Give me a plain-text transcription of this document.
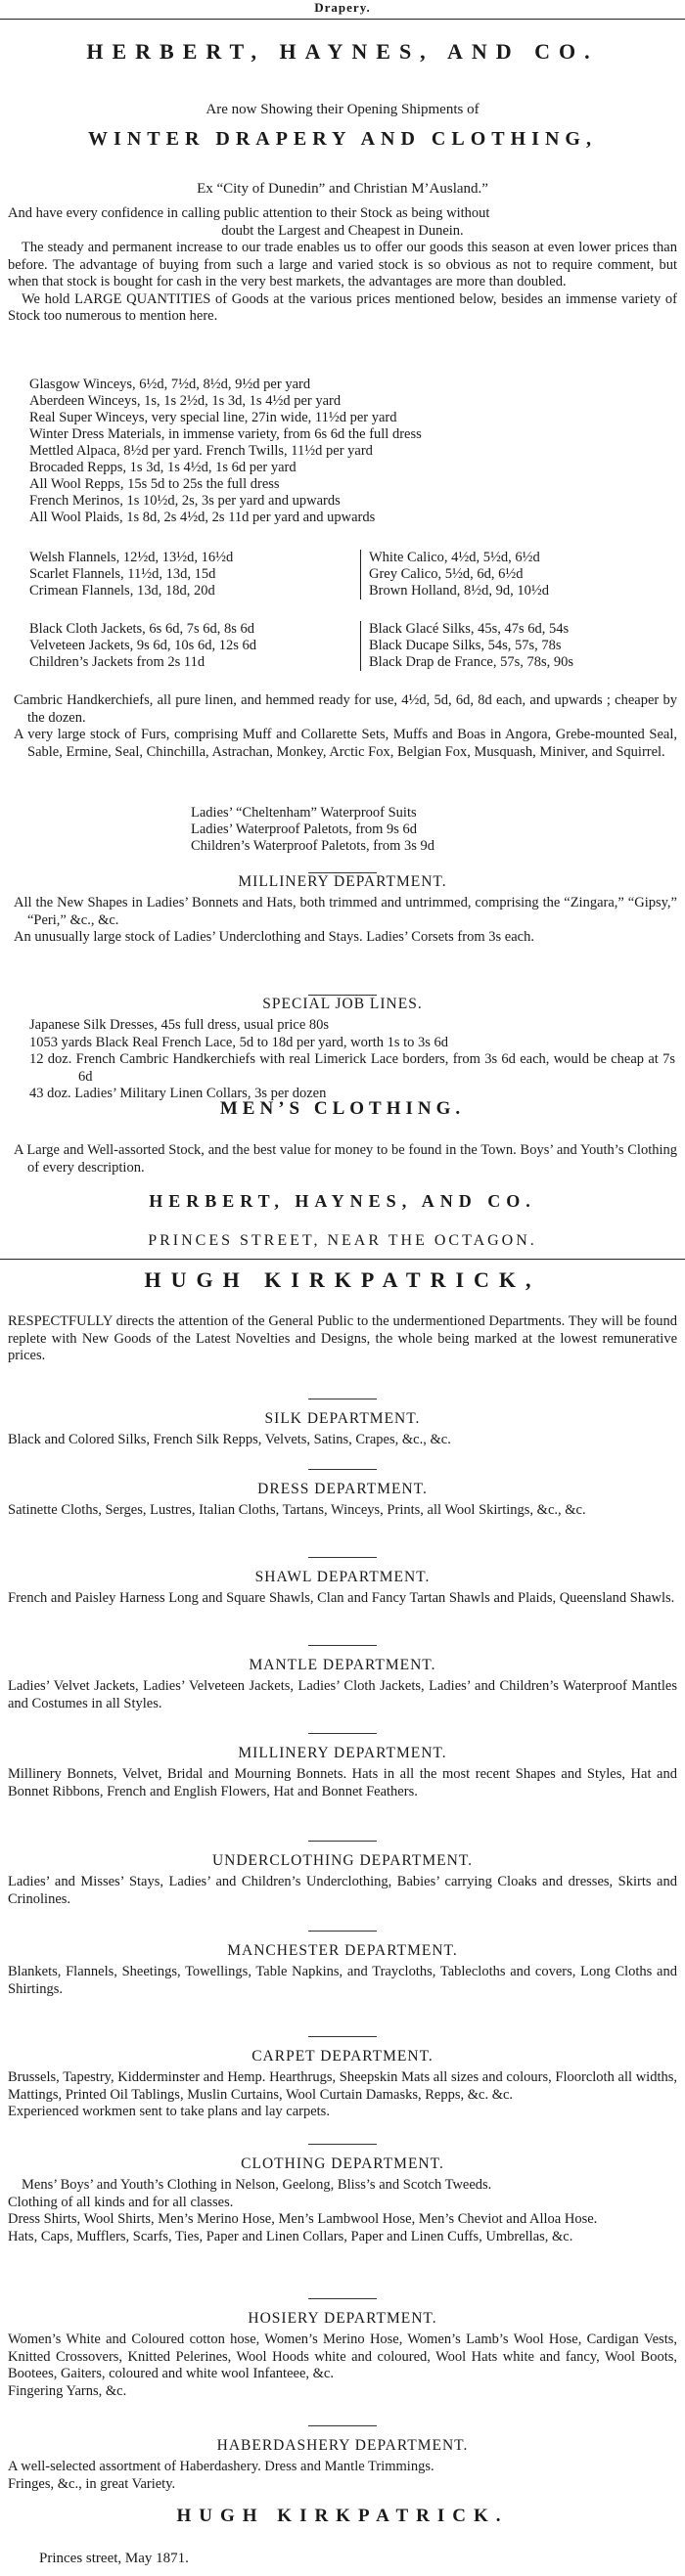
Drapery.

HERBERT, HAYNES, AND CO.

Are now Showing their Opening Shipments of

WINTER DRAPERY AND CLOTHING,

Ex “City of Dunedin” and Christian M’Ausland.”

And have every confidence in calling public attention to their Stock as being without

doubt the Largest and Cheapest in Dunein.

The steady and permanent increase to our trade enables us to offer our goods this season at even lower prices than before. The advantage of buying from such a large and varied stock is so obvious as not to require comment, but when that stock is bought for cash in the very best markets, the advantages are more than doubled.

We hold LARGE QUANTITIES of Goods at the various prices mentioned below, besides an immense variety of Stock too numerous to mention here.

Glasgow Winceys, 6½d, 7½d, 8½d, 9½d per yard

Aberdeen Winceys, 1s, 1s 2½d, 1s 3d, 1s 4½d per yard

Real Super Winceys, very special line, 27in wide, 11½d per yard

Winter Dress Materials, in immense variety, from 6s 6d the full dress

Mettled Alpaca, 8½d per yard. French Twills, 11½d per yard

Brocaded Repps, 1s 3d, 1s 4½d, 1s 6d per yard

All Wool Repps, 15s 5d to 25s the full dress

French Merinos, 1s 10½d, 2s, 3s per yard and upwards

All Wool Plaids, 1s 8d, 2s 4½d, 2s 11d per yard and upwards

Welsh Flannels, 12½d, 13½d, 16½d

Scarlet Flannels, 11½d, 13d, 15d

Crimean Flannels, 13d, 18d, 20d

White Calico, 4½d, 5½d, 6½d

Grey Calico, 5½d, 6d, 6½d

Brown Holland, 8½d, 9d, 10½d

Black Cloth Jackets, 6s 6d, 7s 6d, 8s 6d

Velveteen Jackets, 9s 6d, 10s 6d, 12s 6d

Children’s Jackets from 2s 11d

Black Glacé Silks, 45s, 47s 6d, 54s

Black Ducape Silks, 54s, 57s, 78s

Black Drap de France, 57s, 78s, 90s

Cambric Handkerchiefs, all pure linen, and hemmed ready for use, 4½d, 5d, 6d, 8d each, and upwards ; cheaper by the dozen.

A very large stock of Furs, comprising Muff and Collarette Sets, Muffs and Boas in Angora, Grebe-mounted Seal, Sable, Ermine, Seal, Chinchilla, Astrachan, Monkey, Arctic Fox, Belgian Fox, Musquash, Miniver, and Squirrel.

Ladies’ “Cheltenham” Waterproof Suits

Ladies’ Waterproof Paletots, from 9s 6d

Children’s Waterproof Paletots, from 3s 9d

MILLINERY DEPARTMENT.

All the New Shapes in Ladies’ Bonnets and Hats, both trimmed and untrimmed, comprising the “Zingara,” “Gipsy,” “Peri,” &c., &c.

An unusually large stock of Ladies’ Underclothing and Stays. Ladies’ Corsets from 3s each.

SPECIAL JOB LINES.

Japanese Silk Dresses, 45s full dress, usual price 80s

1053 yards Black Real French Lace, 5d to 18d per yard, worth 1s to 3s 6d

12 doz. French Cambric Handkerchiefs with real Limerick Lace borders, from 3s 6d each, would be cheap at 7s 6d

43 doz. Ladies’ Military Linen Collars, 3s per dozen

MEN’S CLOTHING.

A Large and Well-assorted Stock, and the best value for money to be found in the Town. Boys’ and Youth’s Clothing of every description.

HERBERT, HAYNES, AND CO.

PRINCES STREET, NEAR THE OCTAGON.

HUGH KIRKPATRICK,

RESPECTFULLY directs the attention of the General Public to the undermentioned Departments. They will be found replete with New Goods of the Latest Novelties and Designs, the whole being marked at the lowest remunerative prices.

SILK DEPARTMENT.

Black and Colored Silks, French Silk Repps, Velvets, Satins, Crapes, &c., &c.

DRESS DEPARTMENT.

Satinette Cloths, Serges, Lustres, Italian Cloths, Tartans, Winceys, Prints, all Wool Skirtings, &c., &c.

SHAWL DEPARTMENT.

French and Paisley Harness Long and Square Shawls, Clan and Fancy Tartan Shawls and Plaids, Queensland Shawls.

MANTLE DEPARTMENT.

Ladies’ Velvet Jackets, Ladies’ Velveteen Jackets, Ladies’ Cloth Jackets, Ladies’ and Children’s Waterproof Mantles and Costumes in all Styles.

MILLINERY DEPARTMENT.

Millinery Bonnets, Velvet, Bridal and Mourning Bonnets. Hats in all the most recent Shapes and Styles, Hat and Bonnet Ribbons, French and English Flowers, Hat and Bonnet Feathers.

UNDERCLOTHING DEPARTMENT.

Ladies’ and Misses’ Stays, Ladies’ and Children’s Underclothing, Babies’ carrying Cloaks and dresses, Skirts and Crinolines.

MANCHESTER DEPARTMENT.

Blankets, Flannels, Sheetings, Towellings, Table Napkins, and Traycloths, Tablecloths and covers, Long Cloths and Shirtings.

CARPET DEPARTMENT.

Brussels, Tapestry, Kidderminster and Hemp. Hearthrugs, Sheepskin Mats all sizes and colours, Floorcloth all widths, Mattings, Printed Oil Tablings, Muslin Curtains, Wool Curtain Damasks, Repps, &c. &c.

Experienced workmen sent to take plans and lay carpets.

CLOTHING DEPARTMENT.

Mens’ Boys’ and Youth’s Clothing in Nelson, Geelong, Bliss’s and Scotch Tweeds.

Clothing of all kinds and for all classes.

Dress Shirts, Wool Shirts, Men’s Merino Hose, Men’s Lambwool Hose, Men’s Cheviot and Alloa Hose.

Hats, Caps, Mufflers, Scarfs, Ties, Paper and Linen Collars, Paper and Linen Cuffs, Umbrellas, &c.

HOSIERY DEPARTMENT.

Women’s White and Coloured cotton hose, Women’s Merino Hose, Women’s Lamb’s Wool Hose, Cardigan Vests, Knitted Crossovers, Knitted Pelerines, Wool Hoods white and coloured, Wool Hats white and fancy, Wool Boots, Bootees, Gaiters, coloured and white wool Infanteee, &c.

Fingering Yarns, &c.

HABERDASHERY DEPARTMENT.

A well-selected assortment of Haberdashery. Dress and Mantle Trimmings.

Fringes, &c., in great Variety.

HUGH KIRKPATRICK.

Princes street, May 1871.
